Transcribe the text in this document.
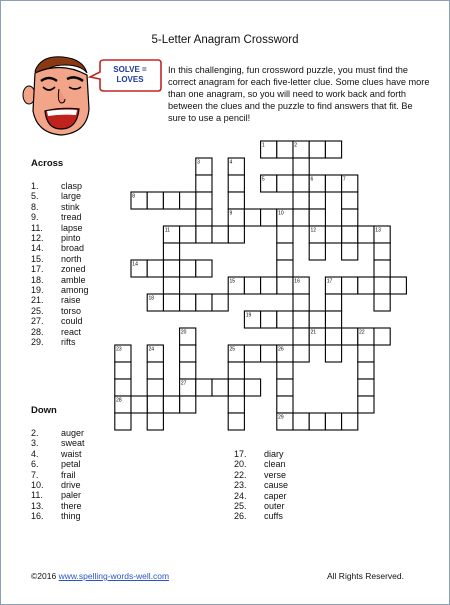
5-Letter Anagram Crossword
SOLVE =
LOVES
In this challenging, fun crossword puzzle, you must find the correct anagram for each five-letter clue. Some clues have more than one anagram, so you will need to work back and forth between the clues and the puzzle to find answers that fit. Be sure to use a pencil!
1	2
3	4
5	6	7
8
9	10
11	12	13
14
15	16	17
18
19
20	21	22
23	24	25	26
27
28
29
Across
1. clasp
5. large
8. stink
9. tread
11. lapse
12. pinto
14. broad
15. north
17. zoned
18. amble
19. among
21. raise
25. torso
27. could
28. react
29. rifts
Down
2. auger
3. sweat
4. waist
6. petal
7. frail
10. drive
11. paler
13. there
16. thing
17. diary
20. clean
22. verse
23. cause
24. caper
25. outer
26. cuffs
©2016 www.spelling-words-well.com	All Rights Reserved.
